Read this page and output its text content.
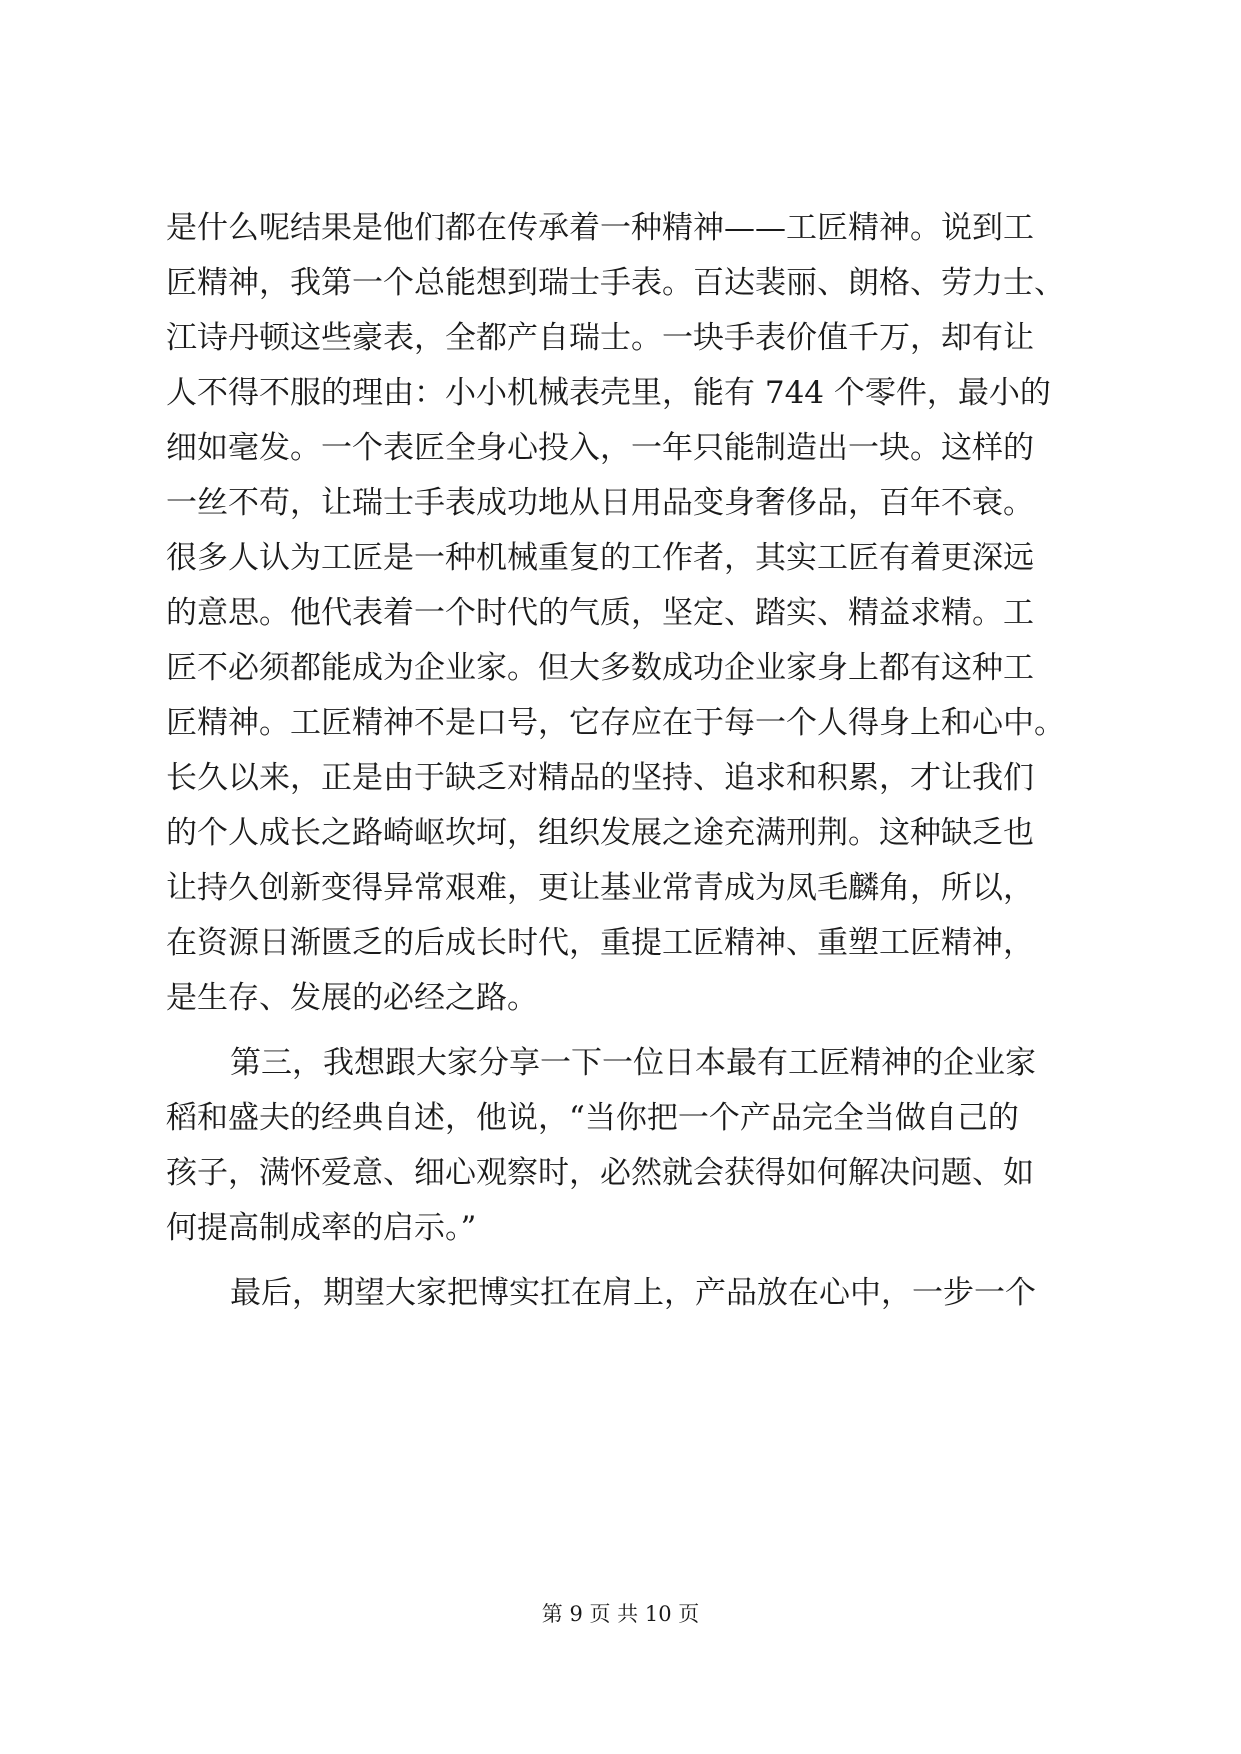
是什么呢结果是他们都在传承着一种精神——工匠精神。说到工
匠精神，我第一个总能想到瑞士手表。百达裴丽、朗格、劳力士、
江诗丹顿这些豪表，全都产自瑞士。一块手表价值千万，却有让
人不得不服的理由：小小机械表壳里，能有 744 个零件，最小的
细如毫发。一个表匠全身心投入，一年只能制造出一块。这样的
一丝不苟，让瑞士手表成功地从日用品变身奢侈品，百年不衰。
很多人认为工匠是一种机械重复的工作者，其实工匠有着更深远
的意思。他代表着一个时代的气质，坚定、踏实、精益求精。工
匠不必须都能成为企业家。但大多数成功企业家身上都有这种工
匠精神。工匠精神不是口号，它存应在于每一个人得身上和心中。
长久以来，正是由于缺乏对精品的坚持、追求和积累，才让我们
的个人成长之路崎岖坎坷，组织发展之途充满刑荆。这种缺乏也
让持久创新变得异常艰难，更让基业常青成为凤毛麟角，所以，
在资源日渐匮乏的后成长时代，重提工匠精神、重塑工匠精神，
是生存、发展的必经之路。
第三，我想跟大家分享一下一位日本最有工匠精神的企业家
稻和盛夫的经典自述，他说，“当你把一个产品完全当做自己的
孩子，满怀爱意、细心观察时，必然就会获得如何解决问题、如
何提高制成率的启示。”
最后，期望大家把博实扛在肩上，产品放在心中，一步一个
第 9 页 共 10 页
